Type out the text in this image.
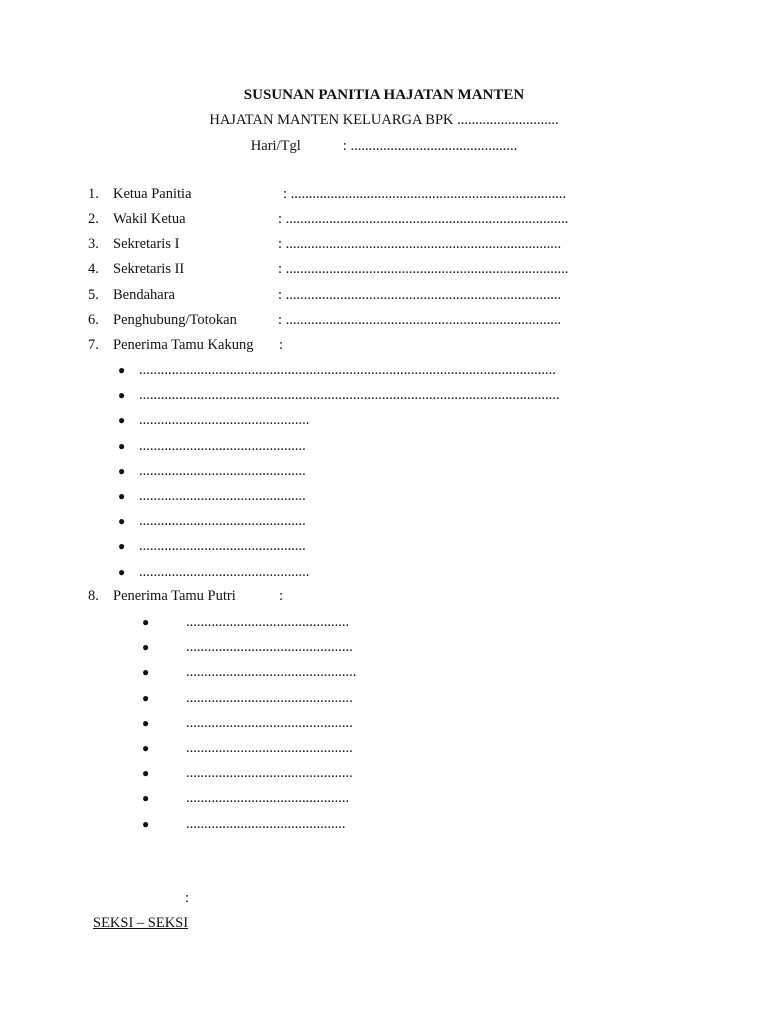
SUSUNAN PANITIA HAJATAN MANTEN
HAJATAN MANTEN KELUARGA BPK ............................
Hari/Tgl	: ..............................................
1. Ketua Panitia	: ............................................................................
2. Wakil Ketua	: ..............................................................................
3. Sekretaris I	: ............................................................................
4. Sekretaris II	: ..............................................................................
5. Bendahara	: ............................................................................
6. Penghubung/Totokan	: ............................................................................
7. Penerima Tamu Kakung :
● ...................................................................................................................
● ....................................................................................................................
● ...............................................
● ..............................................
● ..............................................
● ..............................................
● ..............................................
● ..............................................
● ...............................................
8. Penerima Tamu Putri	:
●	.............................................
●	..............................................
●	...............................................
●	..............................................
●	..............................................
●	..............................................
●	..............................................
●	.............................................
●	............................................
:
SEKSI – SEKSI
